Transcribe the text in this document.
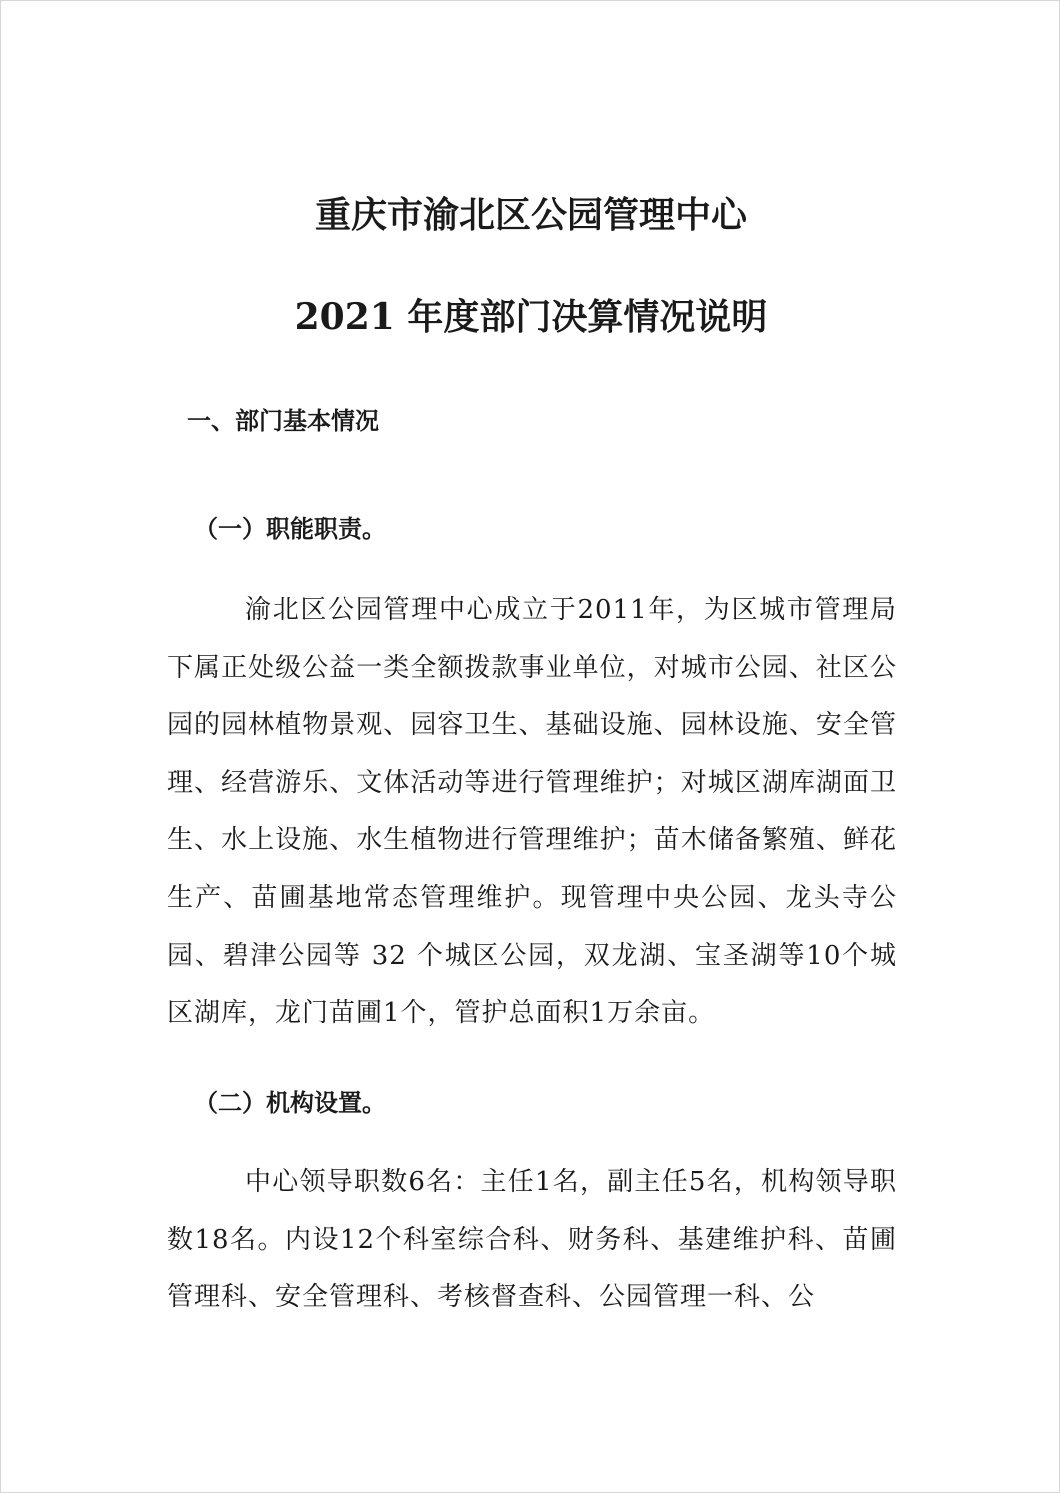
重庆市渝北区公园管理中心
2021 年度部门决算情况说明
一、部门基本情况
（一）职能职责。
渝北区公园管理中心成立于2011年，为区城市管理局下属正处级公益一类全额拨款事业单位，对城市公园、社区公园的园林植物景观、园容卫生、基础设施、园林设施、安全管理、经营游乐、文体活动等进行管理维护；对城区湖库湖面卫生、水上设施、水生植物进行管理维护；苗木储备繁殖、鲜花生产、苗圃基地常态管理维护。现管理中央公园、龙头寺公园、碧津公园等 32 个城区公园，双龙湖、宝圣湖等10个城区湖库，龙门苗圃1个，管护总面积1万余亩。
（二）机构设置。
中心领导职数6名：主任1名，副主任5名，机构领导职数18名。内设12个科室综合科、财务科、基建维护科、苗圃管理科、安全管理科、考核督查科、公园管理一科、公
